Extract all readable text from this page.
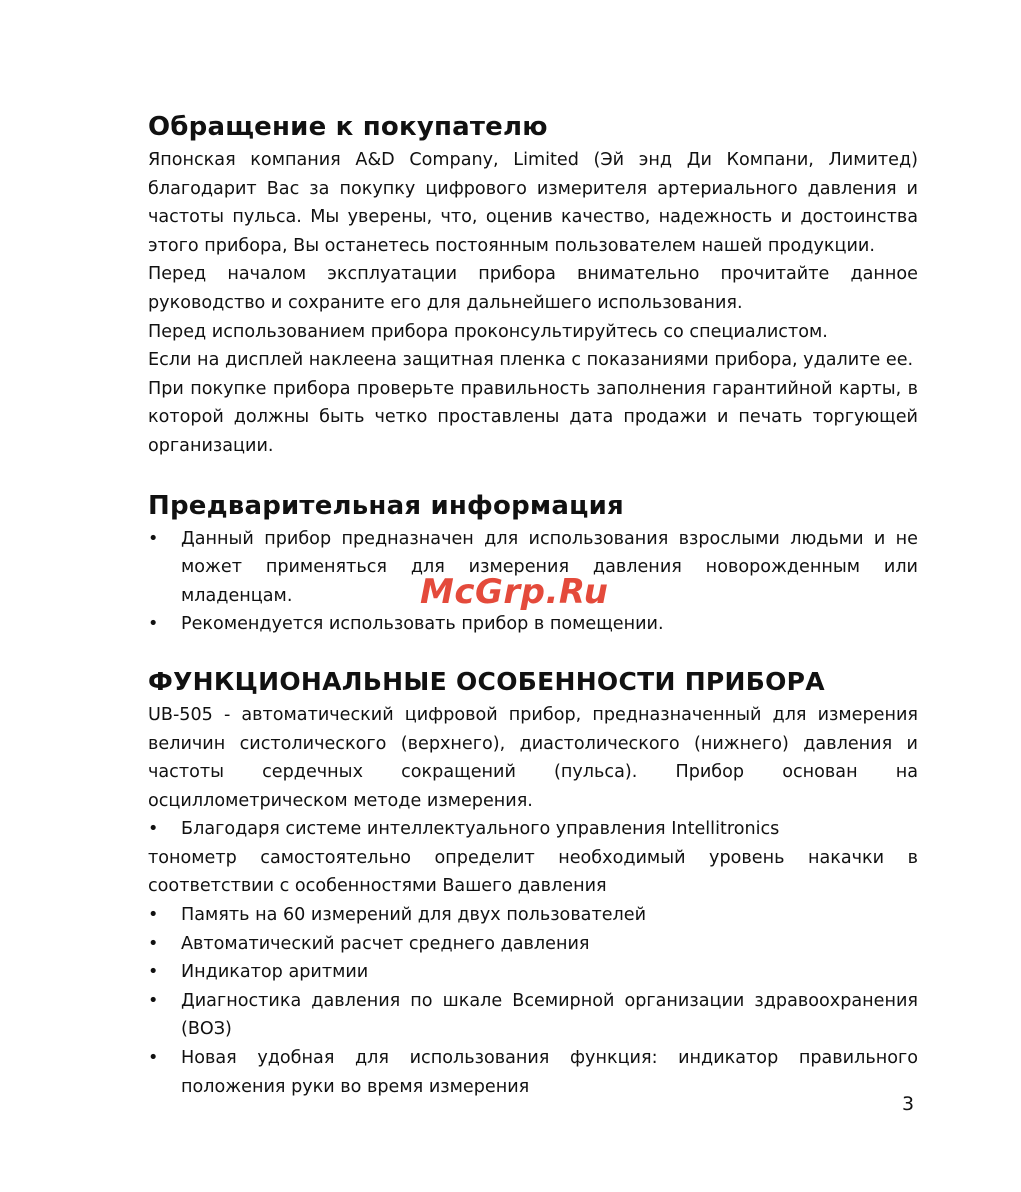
Обращение к покупателю

Японская компания A&D Company, Limited (Эй энд Ди Компани, Лимитед) благодарит Вас за покупку цифрового измерителя артериального давления и частоты пульса. Мы уверены, что, оценив качество, надежность и достоинства этого прибора, Вы останетесь постоянным пользователем нашей продукции.

Перед началом эксплуатации прибора внимательно прочитайте данное руководство и сохраните его для дальнейшего использования.

Перед использованием прибора проконсультируйтесь со специалистом.

Если на дисплей наклеена защитная пленка с показаниями прибора, удалите ее.

При покупке прибора проверьте правильность заполнения гарантийной карты, в которой должны быть четко проставлены дата продажи и печать торгующей организации.

Предварительная информация
• Данный прибор предназначен для использования взрослыми людьми и не может применяться для измерения давления новорожденным или младенцам.
• Рекомендуется использовать прибор в помещении.
ФУНКЦИОНАЛЬНЫЕ ОСОБЕННОСТИ ПРИБОРА

UB-505 - автоматический цифровой прибор, предназначенный для измерения величин систолического (верхнего), диастолического (нижнего) давления и частоты сердечных сокращений (пульса). Прибор основан на осциллометрическом методе измерения.

• Благодаря системе интеллектуального управления Intellitronics

тонометр самостоятельно определит необходимый уровень накачки в соответствии с особенностями Вашего давления

• Память на 60 измерений для двух пользователей
• Автоматический расчет среднего давления
• Индикатор аритмии
• Диагностика давления по шкале Всемирной организации здравоохранения (ВОЗ)
• Новая удобная для использования функция: индикатор правильного положения руки во время измерения
McGrp.Ru
3
